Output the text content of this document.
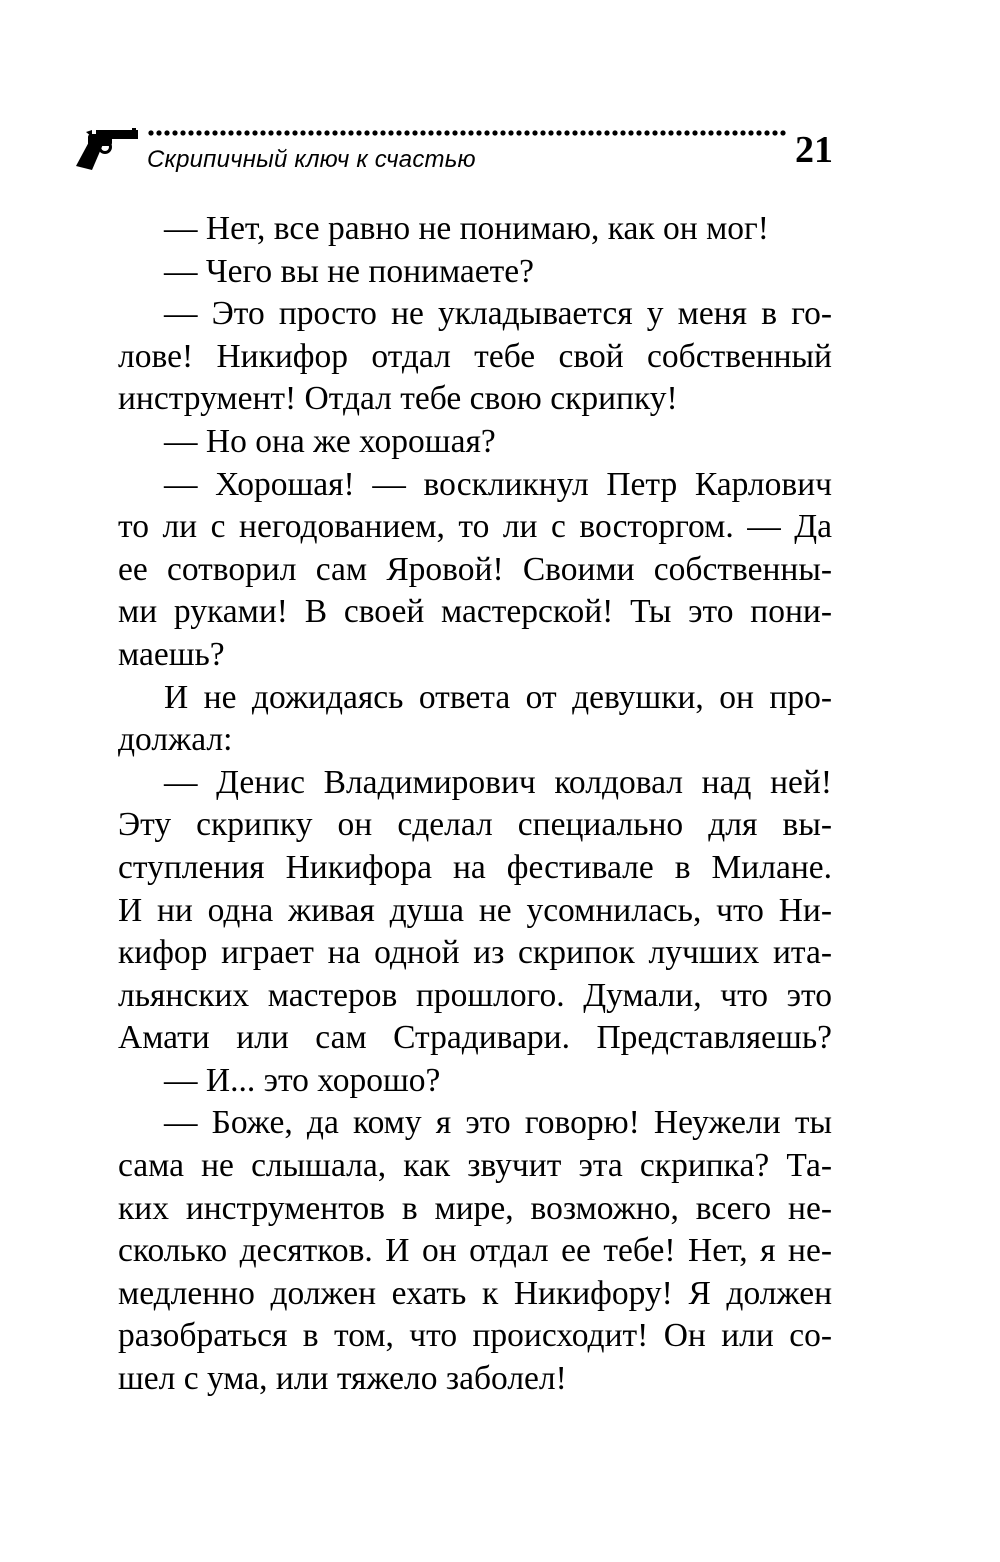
Скрипичный ключ к счастью	21
— Нет, все равно не понимаю, как он мог!
— Чего вы не понимаете?
— Это просто не укладывается у меня в го-
лове! Никифор отдал тебе свой собственный
инструмент! Отдал тебе свою скрипку!
— Но она же хорошая?
— Хорошая! — воскликнул Петр Карлович
то ли с негодованием, то ли с восторгом. — Да
ее сотворил сам Яровой! Своими собственны-
ми руками! В своей мастерской! Ты это пони-
маешь?
И не дожидаясь ответа от девушки, он про-
должал:
— Денис Владимирович колдовал над ней!
Эту скрипку он сделал специально для вы-
ступления Никифора на фестивале в Милане.
И ни одна живая душа не усомнилась, что Ни-
кифор играет на одной из скрипок лучших ита-
льянских мастеров прошлого. Думали, что это
Амати или сам Страдивари. Представляешь?
— И... это хорошо?
— Боже, да кому я это говорю! Неужели ты
сама не слышала, как звучит эта скрипка? Та-
ких инструментов в мире, возможно, всего не-
сколько десятков. И он отдал ее тебе! Нет, я не-
медленно должен ехать к Никифору! Я должен
разобраться в том, что происходит! Он или со-
шел с ума, или тяжело заболел!
